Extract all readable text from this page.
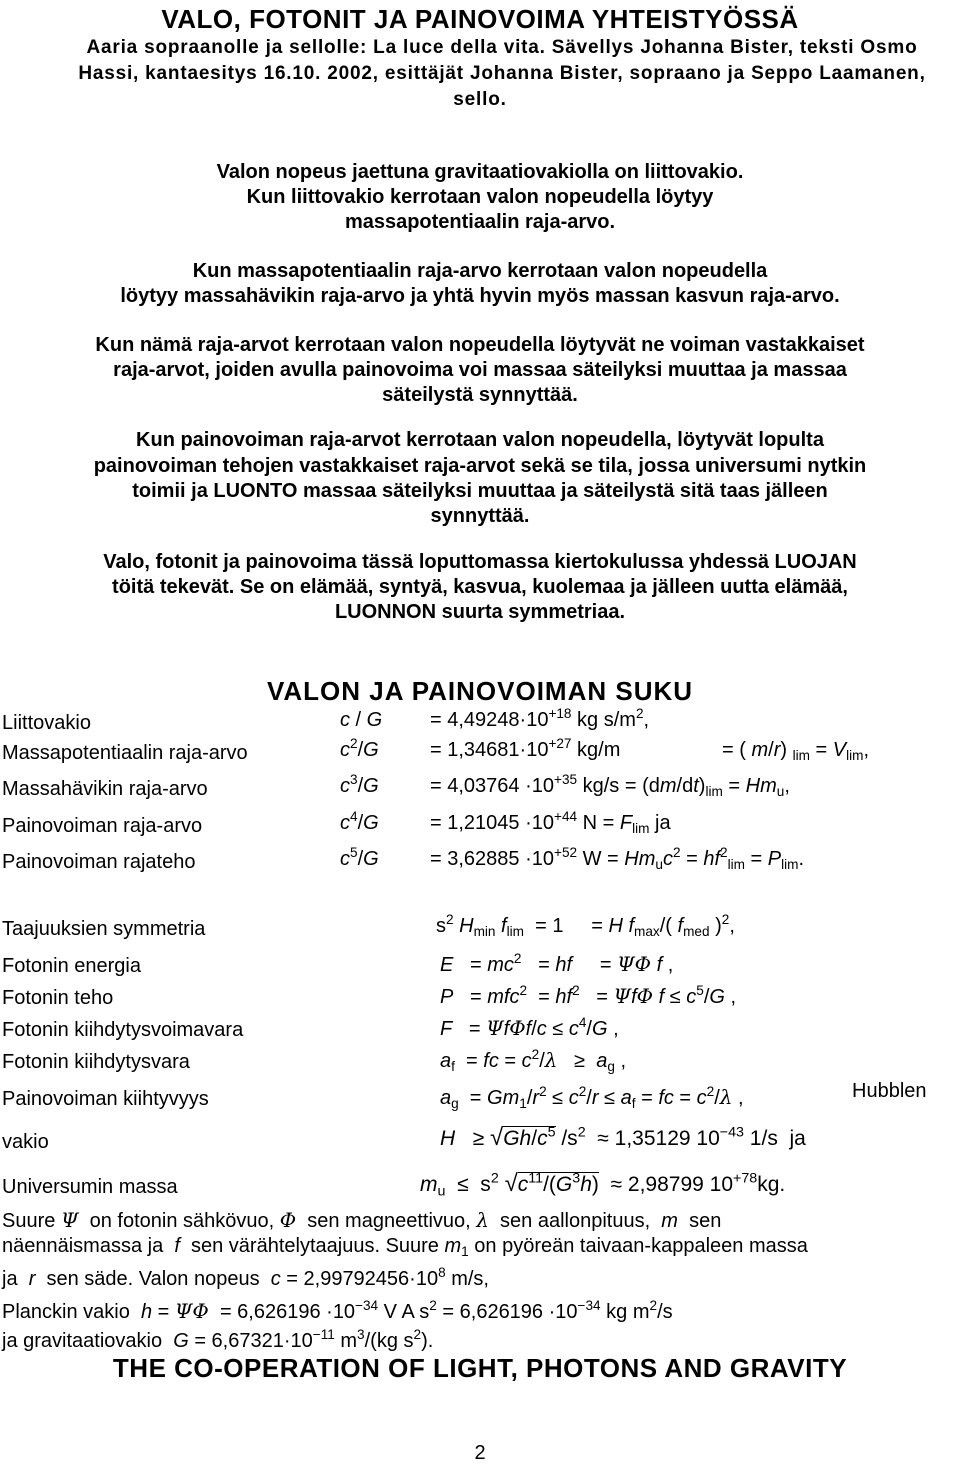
VALO, FOTONIT JA PAINOVOIMA YHTEISTYÖSSÄ
Aaria sopraanolle ja sellolle: La luce della vita. Sävellys Johanna Bister, teksti Osmo
Hassi, kantaesitys 16.10. 2002, esittäjät Johanna Bister, sopraano ja Seppo Laamanen,
sello.
Valon nopeus jaettuna gravitaatiovakiolla on liittovakio.
Kun liittovakio kerrotaan valon nopeudella löytyy
massapotentiaalin raja-arvo.
Kun massapotentiaalin raja-arvo kerrotaan valon nopeudella
löytyy massahävikin raja-arvo ja yhtä hyvin myös massan kasvun raja-arvo.
Kun nämä raja-arvot kerrotaan valon nopeudella löytyvät ne voiman vastakkaiset
raja-arvot, joiden avulla painovoima voi massaa säteilyksi muuttaa ja massaa
säteilystä synnyttää.
Kun painovoiman raja-arvot kerrotaan valon nopeudella, löytyvät lopulta
painovoiman tehojen vastakkaiset raja-arvot sekä se tila, jossa universumi nytkin
toimii ja LUONTO massaa säteilyksi muuttaa ja säteilystä sitä taas jälleen
synnyttää.
Valo, fotonit ja painovoima tässä loputtomassa kiertokulussa yhdessä LUOJAN
töitä tekevät. Se on elämää, syntyä, kasvua, kuolemaa ja jälleen uutta elämää,
LUONNON suurta symmetriaa.
VALON JA PAINOVOIMAN SUKU
Liittovakio	$c / G = 4,49248\cdot 10^{+18}$ kg $s/m^2$,
Massapotentiaalin raja-arvo	$c^2/G$	= $1,34681\cdot 10^{+27}$ kg/m	= ( m/r) $_{lim} = V_{lim}$,
Massahävikin raja-arvo	$c^3/G$	= $4,03764 \cdot 10^{+35}$ $kg/s = (dm/dt)_{lim} = Hm_u$,
Painovoiman raja-arvo	$c^4/G$	= $1,21045 \cdot 10^{+44}$ $N = F_{lim}$ ja
Painovoiman rajateho	$c^5/G$	= $3,62885 \cdot 10^{+52}$ $W = Hm_uc^2 = hf^2_{lim} = P_{lim}$.
Taajuuksien symmetria	$s^2$ $H_{min}$ $f_{lim} = 1$     = H $f_{max}/$( $f_{med}$ )$^2$,
Fotonin energia	$E = mc^2$   = hf     = ΨΦ f ,
Fotonin teho	$P = mfc^2 = hf^2 = \Psi f\Phi$ $f \le c^5/G$ ,
Fotonin kiihdytysvoimavara	$F = \Psi f\Phi f/c \le c^4/G$ ,
Fotonin kiihdytysvara	$a_f$  = fc = $c^2/\lambda \ge a_g$ ,
Painovoiman kiihtyvyys	$a_g = Gm_1/r^2 \le c^2/r \le a_f$ = fc = $c^2/\lambda$ ,	Hubblen
vakio	$H \ge √Gh/c^5$ $/s^2 \approx 1,35129$ $10^{-43}$ 1/s  ja
Universumin massa	$m_u \le s^2$ $√c^{11}/(G^3h) \approx 2,98799$ $10^{+78}kg$.
Suure Ψ  on fotonin sähkövuo, Φ  sen magneettivuo, λ  sen aallonpituus,  m  sen
näennäismassa ja  f  sen värähtelytaajuus. Suure $m_1$ on pyöreän taivaan-kappaleen massa
ja  r  sen säde. Valon nopeus  $c = 2,99792456\cdot 10^8$ m/s,
Planckin vakio  $h = \Psi\Phi = 6,626196 \cdot 10^{-34}$ V A $s^2 = 6,626196 \cdot 10^{-34}$ kg $m^2/s$
ja gravitaatiovakio  $G = 6,67321\cdot 10^{-11}$ $m^3/(kg$ $s^2$).
THE CO-OPERATION OF LIGHT, PHOTONS AND GRAVITY
2
